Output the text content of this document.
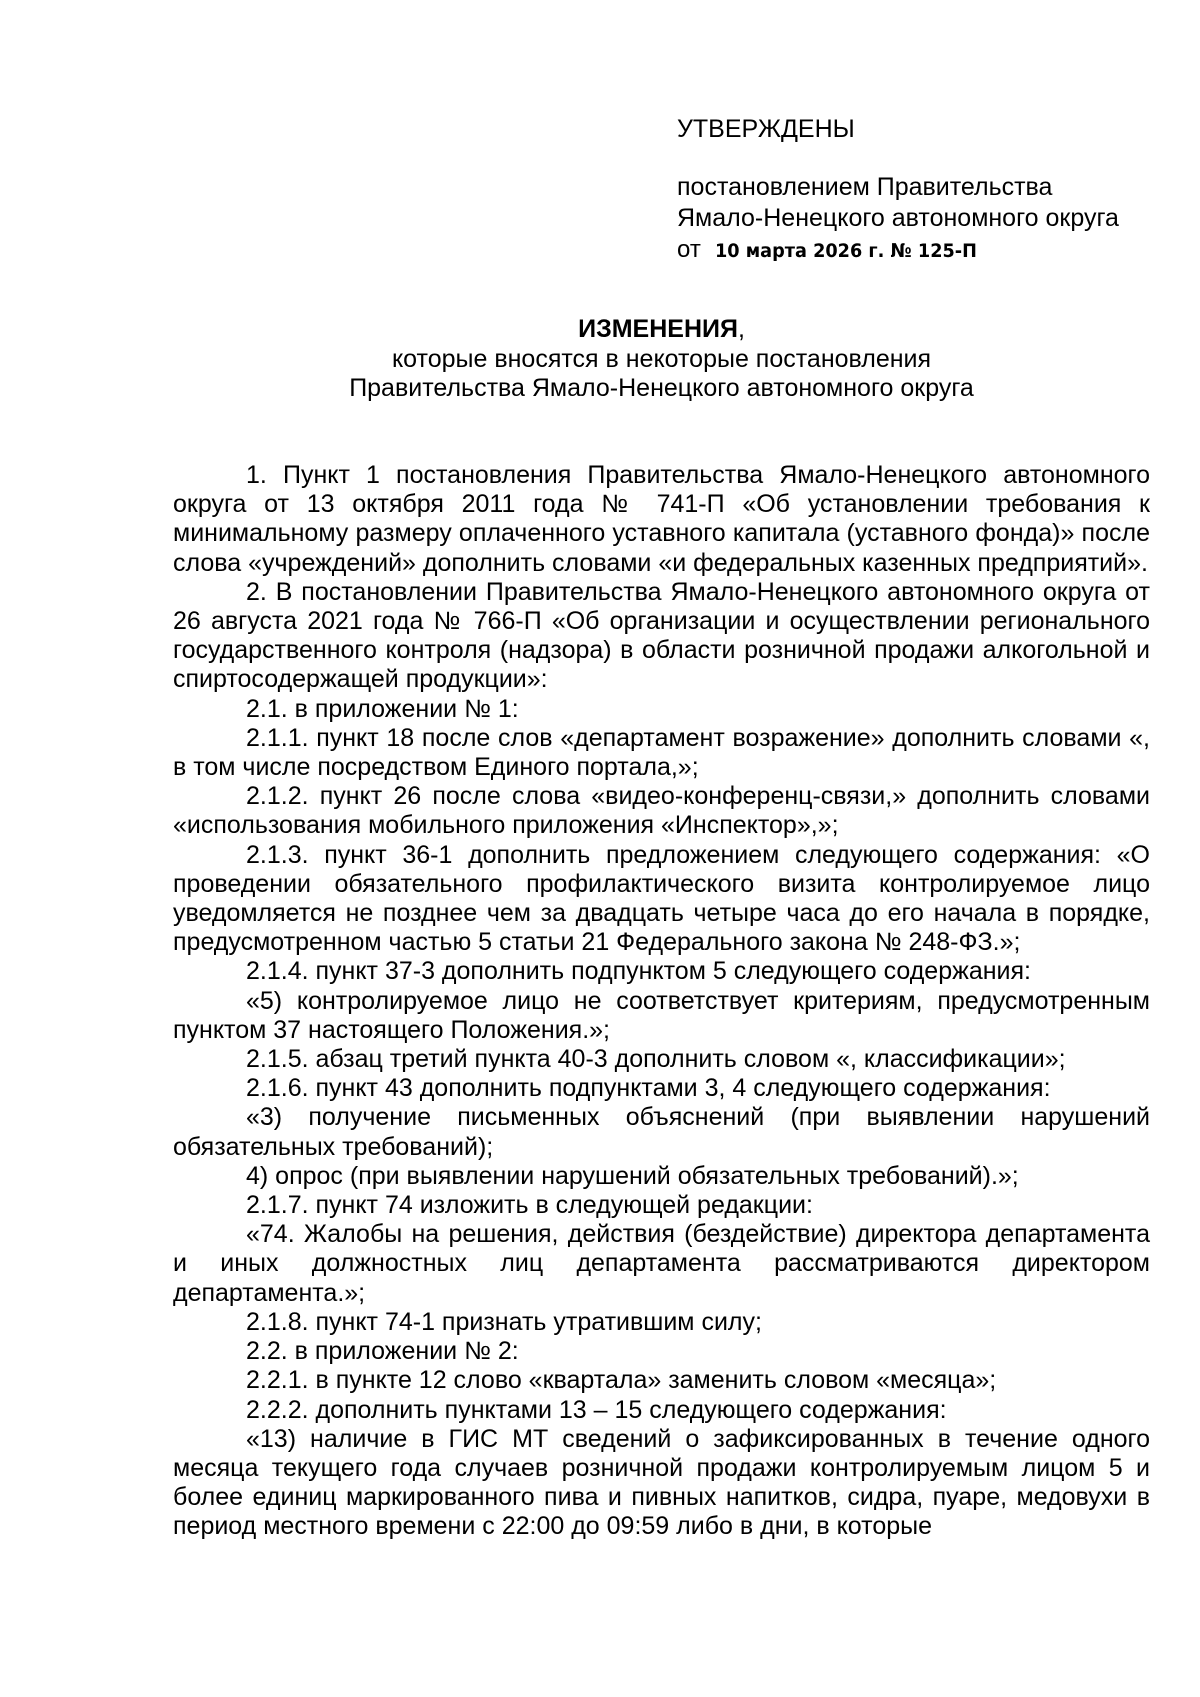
УТВЕРЖДЕНЫ

постановлением Правительства

Ямало-Ненецкого автономного округа

от 10 марта 2026 г. № 125-П

ИЗМЕНЕНИЯ,

которые вносятся в некоторые постановления

Правительства Ямало-Ненецкого автономного округа

1. Пункт 1 постановления Правительства Ямало-Ненецкого автономного округа от 13 октября 2011 года № 741-П «Об установлении требования к минимальному размеру оплаченного уставного капитала (уставного фонда)» после слова «учреждений» дополнить словами «и федеральных казенных предприятий».

2. В постановлении Правительства Ямало-Ненецкого автономного округа от 26 августа 2021 года № 766-П «Об организации и осуществлении регионального государственного контроля (надзора) в области розничной продажи алкогольной и спиртосодержащей продукции»:

2.1. в приложении № 1:

2.1.1. пункт 18 после слов «департамент возражение» дополнить словами «, в том числе посредством Единого портала,»;

2.1.2. пункт 26 после слова «видео-конференц-связи,» дополнить словами «использования мобильного приложения «Инспектор»,»;

2.1.3. пункт 36-1 дополнить предложением следующего содержания: «О проведении обязательного профилактического визита контролируемое лицо уведомляется не позднее чем за двадцать четыре часа до его начала в порядке, предусмотренном частью 5 статьи 21 Федерального закона № 248-ФЗ.»;

2.1.4. пункт 37-3 дополнить подпунктом 5 следующего содержания:

«5) контролируемое лицо не соответствует критериям, предусмотренным пунктом 37 настоящего Положения.»;

2.1.5. абзац третий пункта 40-3 дополнить словом «, классификации»;

2.1.6. пункт 43 дополнить подпунктами 3, 4 следующего содержания:

«3) получение письменных объяснений (при выявлении нарушений обязательных требований);

4) опрос (при выявлении нарушений обязательных требований).»;

2.1.7. пункт 74 изложить в следующей редакции:

«74. Жалобы на решения, действия (бездействие) директора департамента и иных должностных лиц департамента рассматриваются директором департамента.»;

2.1.8. пункт 74-1 признать утратившим силу;

2.2. в приложении № 2:

2.2.1. в пункте 12 слово «квартала» заменить словом «месяца»;

2.2.2. дополнить пунктами 13 – 15 следующего содержания:

«13) наличие в ГИС МТ сведений о зафиксированных в течение одного месяца текущего года случаев розничной продажи контролируемым лицом 5 и более единиц маркированного пива и пивных напитков, сидра, пуаре, медовухи в период местного времени с 22:00 до 09:59 либо в дни, в которые
